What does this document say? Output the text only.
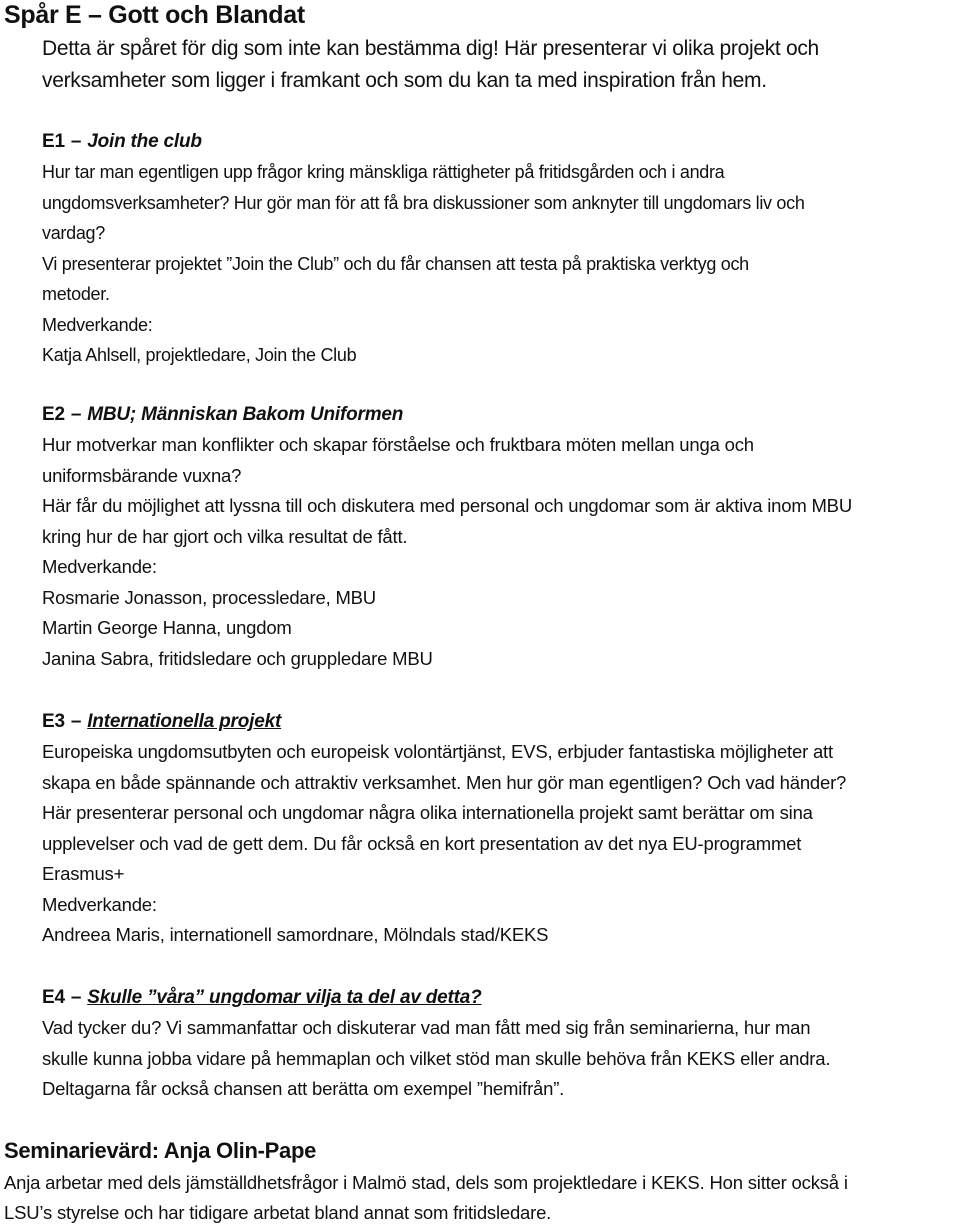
Spår E – Gott och Blandat

Detta är spåret för dig som inte kan bestämma dig! Här presenterar vi olika projekt och
verksamheter som ligger i framkant och som du kan ta med inspiration från hem.

E1 – Join the club

Hur tar man egentligen upp frågor kring mänskliga rättigheter på fritidsgården och i andra
ungdomsverksamheter? Hur gör man för att få bra diskussioner som anknyter till ungdomars liv och
vardag?
Vi presenterar projektet ”Join the Club” och du får chansen att testa på praktiska verktyg och
metoder.
Medverkande:
Katja Ahlsell, projektledare, Join the Club

E2 – MBU; Människan Bakom Uniformen

Hur motverkar man konflikter och skapar förståelse och fruktbara möten mellan unga och
uniformsbärande vuxna?
Här får du möjlighet att lyssna till och diskutera med personal och ungdomar som är aktiva inom MBU
kring hur de har gjort och vilka resultat de fått.
Medverkande:
Rosmarie Jonasson, processledare, MBU
Martin George Hanna, ungdom
Janina Sabra, fritidsledare och gruppledare MBU

E3 – Internationella projekt

Europeiska ungdomsutbyten och europeisk volontärtjänst, EVS, erbjuder fantastiska möjligheter att
skapa en både spännande och attraktiv verksamhet. Men hur gör man egentligen? Och vad händer?
Här presenterar personal och ungdomar några olika internationella projekt samt berättar om sina
upplevelser och vad de gett dem. Du får också en kort presentation av det nya EU-programmet
Erasmus+
Medverkande:
Andreea Maris, internationell samordnare, Mölndals stad/KEKS

E4 – Skulle ”våra” ungdomar vilja ta del av detta?

Vad tycker du? Vi sammanfattar och diskuterar vad man fått med sig från seminarierna, hur man
skulle kunna jobba vidare på hemmaplan och vilket stöd man skulle behöva från KEKS eller andra.
Deltagarna får också chansen att berätta om exempel ”hemifrån”.

Seminarievärd: Anja Olin-Pape

Anja arbetar med dels jämställdhetsfrågor i Malmö stad, dels som projektledare i KEKS. Hon sitter också i
LSU’s styrelse och har tidigare arbetat bland annat som fritidsledare.
